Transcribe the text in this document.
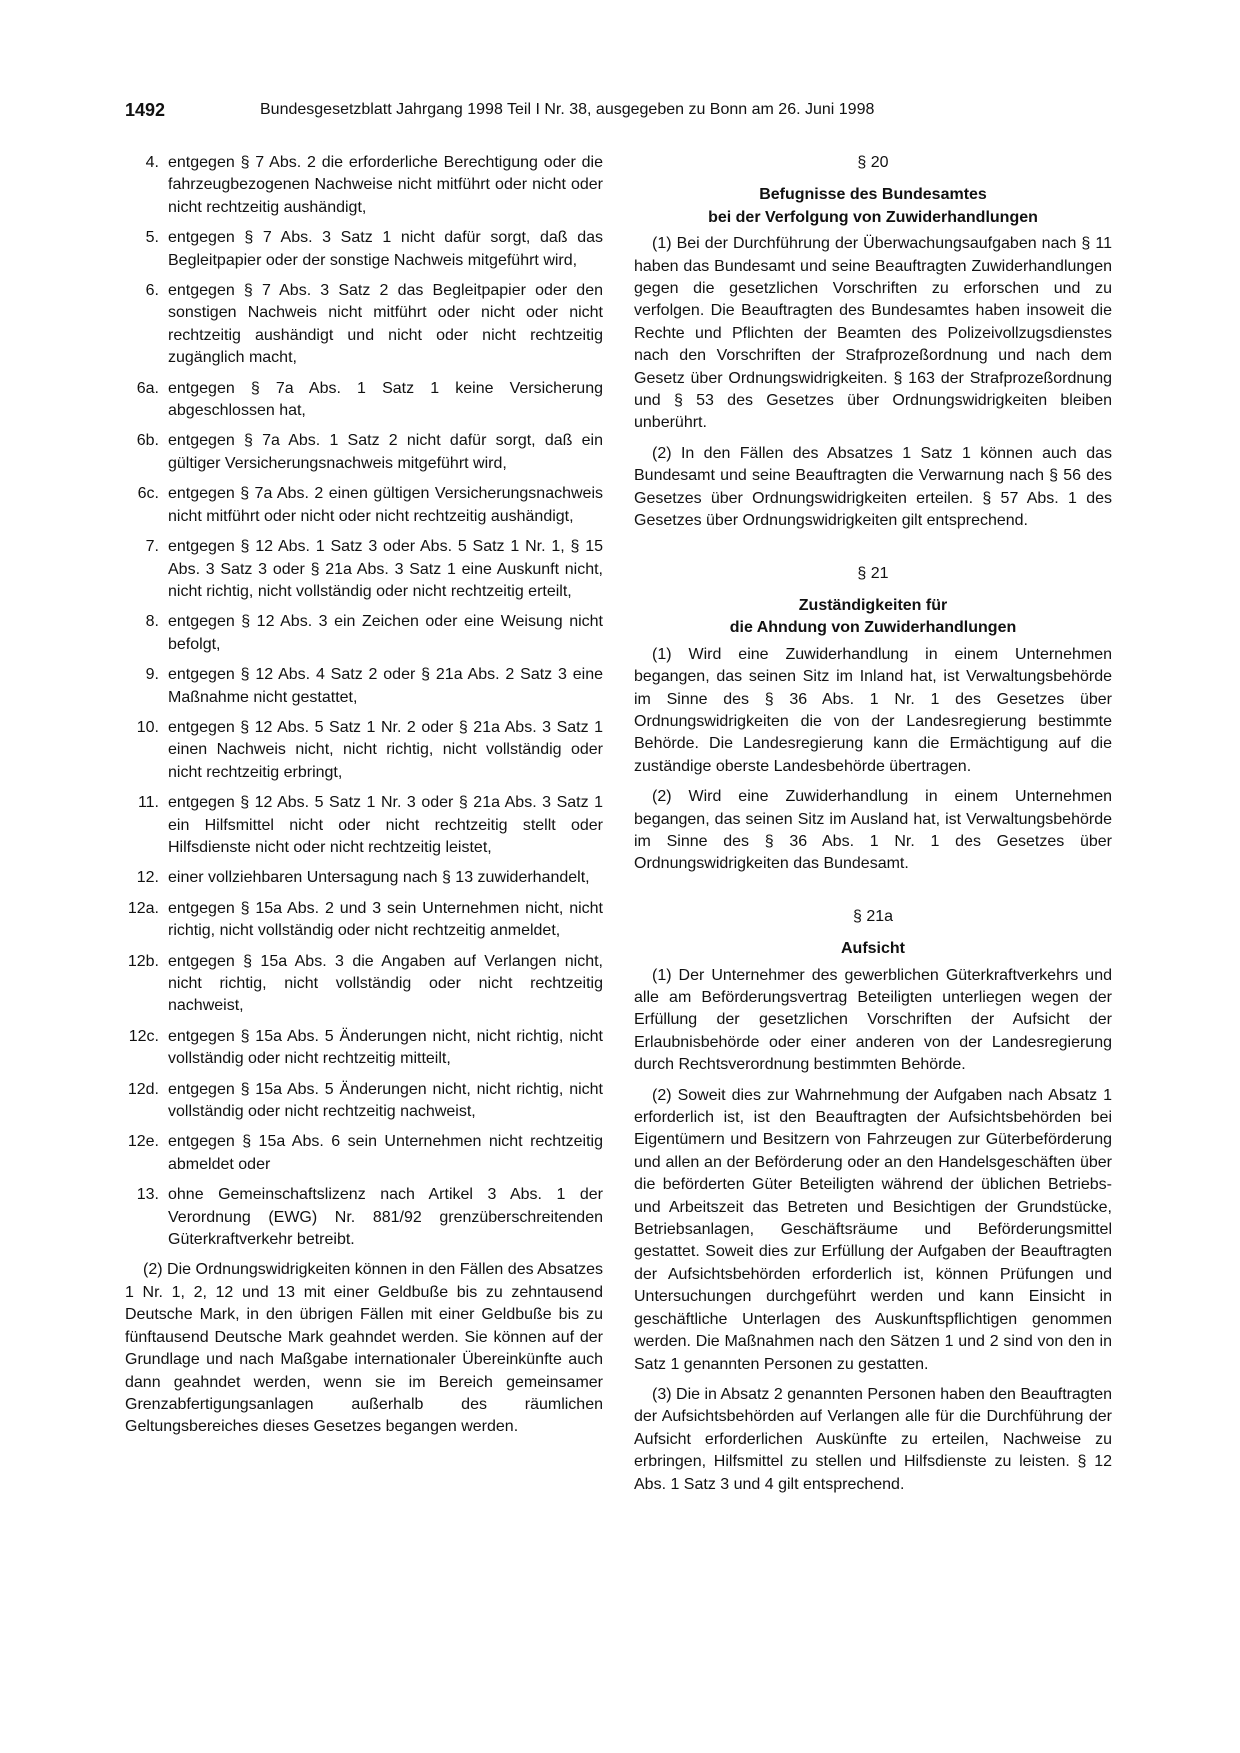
1492	Bundesgesetzblatt Jahrgang 1998 Teil I Nr. 38, ausgegeben zu Bonn am 26. Juni 1998
4. entgegen § 7 Abs. 2 die erforderliche Berechtigung oder die fahrzeugbezogenen Nachweise nicht mitführt oder nicht oder nicht rechtzeitig aushändigt,
5. entgegen § 7 Abs. 3 Satz 1 nicht dafür sorgt, daß das Begleitpapier oder der sonstige Nachweis mitgeführt wird,
6. entgegen § 7 Abs. 3 Satz 2 das Begleitpapier oder den sonstigen Nachweis nicht mitführt oder nicht oder nicht rechtzeitig aushändigt und nicht oder nicht rechtzeitig zugänglich macht,
6a. entgegen § 7a Abs. 1 Satz 1 keine Versicherung abgeschlossen hat,
6b. entgegen § 7a Abs. 1 Satz 2 nicht dafür sorgt, daß ein gültiger Versicherungsnachweis mitgeführt wird,
6c. entgegen § 7a Abs. 2 einen gültigen Versicherungsnachweis nicht mitführt oder nicht oder nicht rechtzeitig aushändigt,
7. entgegen § 12 Abs. 1 Satz 3 oder Abs. 5 Satz 1 Nr. 1, § 15 Abs. 3 Satz 3 oder § 21a Abs. 3 Satz 1 eine Auskunft nicht, nicht richtig, nicht vollständig oder nicht rechtzeitig erteilt,
8. entgegen § 12 Abs. 3 ein Zeichen oder eine Weisung nicht befolgt,
9. entgegen § 12 Abs. 4 Satz 2 oder § 21a Abs. 2 Satz 3 eine Maßnahme nicht gestattet,
10. entgegen § 12 Abs. 5 Satz 1 Nr. 2 oder § 21a Abs. 3 Satz 1 einen Nachweis nicht, nicht richtig, nicht vollständig oder nicht rechtzeitig erbringt,
11. entgegen § 12 Abs. 5 Satz 1 Nr. 3 oder § 21a Abs. 3 Satz 1 ein Hilfsmittel nicht oder nicht rechtzeitig stellt oder Hilfsdienste nicht oder nicht rechtzeitig leistet,
12. einer vollziehbaren Untersagung nach § 13 zuwiderhandelt,
12a. entgegen § 15a Abs. 2 und 3 sein Unternehmen nicht, nicht richtig, nicht vollständig oder nicht rechtzeitig anmeldet,
12b. entgegen § 15a Abs. 3 die Angaben auf Verlangen nicht, nicht richtig, nicht vollständig oder nicht rechtzeitig nachweist,
12c. entgegen § 15a Abs. 5 Änderungen nicht, nicht richtig, nicht vollständig oder nicht rechtzeitig mitteilt,
12d. entgegen § 15a Abs. 5 Änderungen nicht, nicht richtig, nicht vollständig oder nicht rechtzeitig nachweist,
12e. entgegen § 15a Abs. 6 sein Unternehmen nicht rechtzeitig abmeldet oder
13. ohne Gemeinschaftslizenz nach Artikel 3 Abs. 1 der Verordnung (EWG) Nr. 881/92 grenzüberschreitenden Güterkraftverkehr betreibt.

(2) Die Ordnungswidrigkeiten können in den Fällen des Absatzes 1 Nr. 1, 2, 12 und 13 mit einer Geldbuße bis zu zehntausend Deutsche Mark, in den übrigen Fällen mit einer Geldbuße bis zu fünftausend Deutsche Mark geahndet werden. Sie können auf der Grundlage und nach Maßgabe internationaler Übereinkünfte auch dann geahndet werden, wenn sie im Bereich gemeinsamer Grenzabfertigungsanlagen außerhalb des räumlichen Geltungsbereiches dieses Gesetzes begangen werden.

§ 20
Befugnisse des Bundesamtes
bei der Verfolgung von Zuwiderhandlungen

(1) Bei der Durchführung der Überwachungsaufgaben nach § 11 haben das Bundesamt und seine Beauftragten Zuwiderhandlungen gegen die gesetzlichen Vorschriften zu erforschen und zu verfolgen. Die Beauftragten des Bundesamtes haben insoweit die Rechte und Pflichten der Beamten des Polizeivollzugsdienstes nach den Vorschriften der Strafprozeßordnung und nach dem Gesetz über Ordnungswidrigkeiten. § 163 der Strafprozeßordnung und § 53 des Gesetzes über Ordnungswidrigkeiten bleiben unberührt.

(2) In den Fällen des Absatzes 1 Satz 1 können auch das Bundesamt und seine Beauftragten die Verwarnung nach § 56 des Gesetzes über Ordnungswidrigkeiten erteilen. § 57 Abs. 1 des Gesetzes über Ordnungswidrigkeiten gilt entsprechend.

§ 21
Zuständigkeiten für
die Ahndung von Zuwiderhandlungen

(1) Wird eine Zuwiderhandlung in einem Unternehmen begangen, das seinen Sitz im Inland hat, ist Verwaltungsbehörde im Sinne des § 36 Abs. 1 Nr. 1 des Gesetzes über Ordnungswidrigkeiten die von der Landesregierung bestimmte Behörde. Die Landesregierung kann die Ermächtigung auf die zuständige oberste Landesbehörde übertragen.

(2) Wird eine Zuwiderhandlung in einem Unternehmen begangen, das seinen Sitz im Ausland hat, ist Verwaltungsbehörde im Sinne des § 36 Abs. 1 Nr. 1 des Gesetzes über Ordnungswidrigkeiten das Bundesamt.

§ 21a
Aufsicht

(1) Der Unternehmer des gewerblichen Güterkraftverkehrs und alle am Beförderungsvertrag Beteiligten unterliegen wegen der Erfüllung der gesetzlichen Vorschriften der Aufsicht der Erlaubnisbehörde oder einer anderen von der Landesregierung durch Rechtsverordnung bestimmten Behörde.

(2) Soweit dies zur Wahrnehmung der Aufgaben nach Absatz 1 erforderlich ist, ist den Beauftragten der Aufsichtsbehörden bei Eigentümern und Besitzern von Fahrzeugen zur Güterbeförderung und allen an der Beförderung oder an den Handelsgeschäften über die beförderten Güter Beteiligten während der üblichen Betriebs- und Arbeitszeit das Betreten und Besichtigen der Grundstücke, Betriebsanlagen, Geschäftsräume und Beförderungsmittel gestattet. Soweit dies zur Erfüllung der Aufgaben der Beauftragten der Aufsichtsbehörden erforderlich ist, können Prüfungen und Untersuchungen durchgeführt werden und kann Einsicht in geschäftliche Unterlagen des Auskunftspflichtigen genommen werden. Die Maßnahmen nach den Sätzen 1 und 2 sind von den in Satz 1 genannten Personen zu gestatten.

(3) Die in Absatz 2 genannten Personen haben den Beauftragten der Aufsichtsbehörden auf Verlangen alle für die Durchführung der Aufsicht erforderlichen Auskünfte zu erteilen, Nachweise zu erbringen, Hilfsmittel zu stellen und Hilfsdienste zu leisten. § 12 Abs. 1 Satz 3 und 4 gilt entsprechend.
